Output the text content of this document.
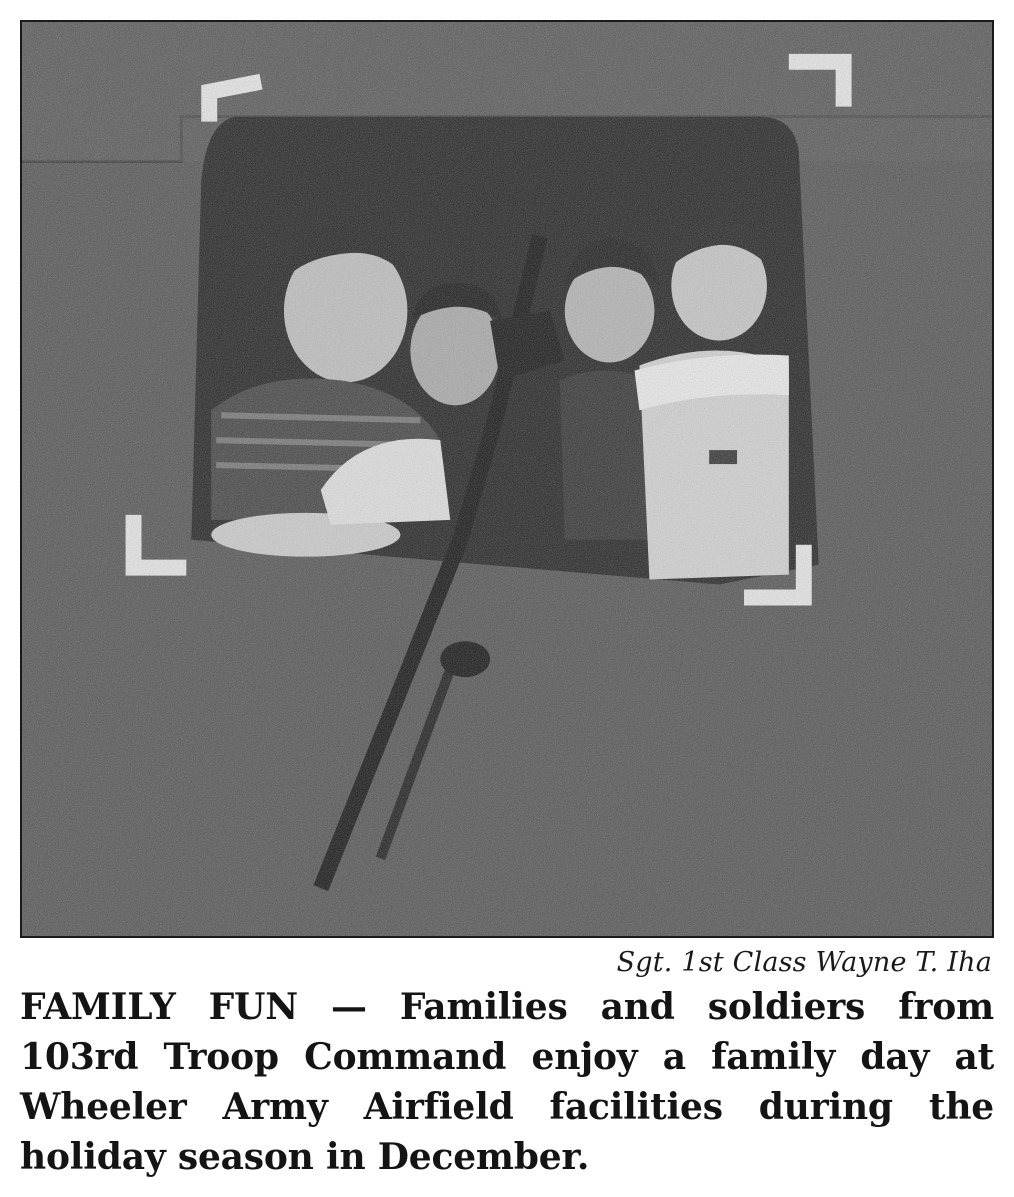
Sgt. 1st Class Wayne T. Iha

FAMILY FUN — Families and soldiers from 103rd Troop Command enjoy a family day at Wheeler Army Airfield facilities during the holiday season in December.
